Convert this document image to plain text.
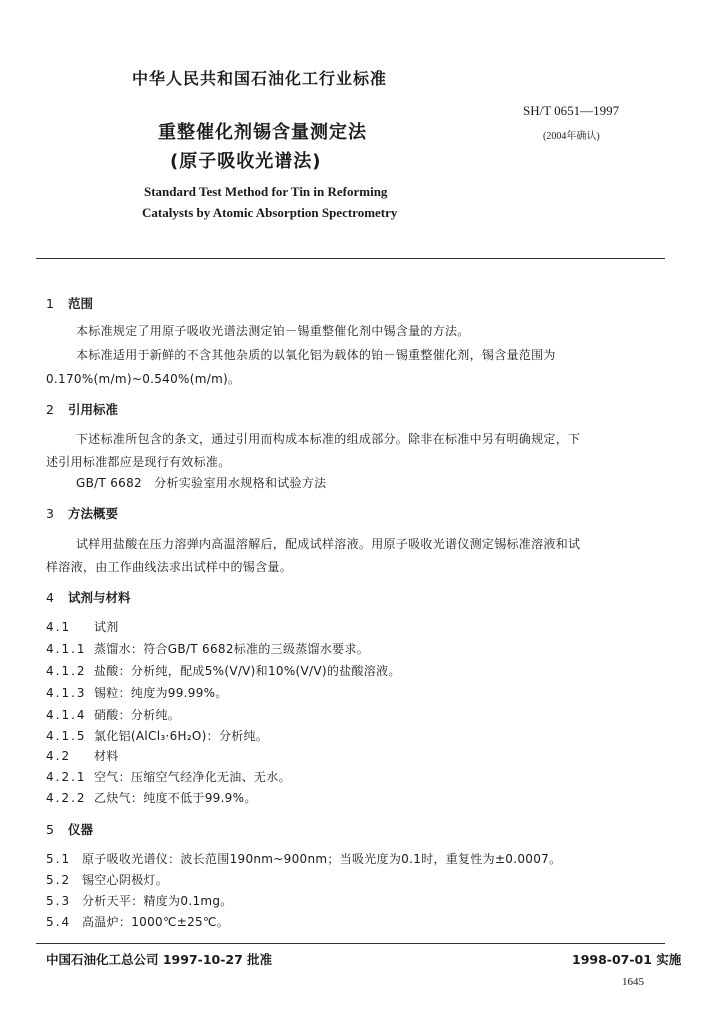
中华人民共和国石油化工行业标准
SH/T 0651—1997
(2004年确认)
重整催化剂锡含量测定法
(原子吸收光谱法)
Standard Test Method for Tin in Reforming
Catalysts by Atomic Absorption Spectrometry
1 范围
本标准规定了用原子吸收光谱法测定铂－锡重整催化剂中锡含量的方法。
本标准适用于新鲜的不含其他杂质的以氧化铝为载体的铂－锡重整催化剂，锡含量范围为
0.170%(m/m)~0.540%(m/m)。
2 引用标准
下述标准所包含的条文，通过引用而构成本标准的组成部分。除非在标准中另有明确规定，下
述引用标准都应是现行有效标准。
GB/T 6682　分析实验室用水规格和试验方法
3 方法概要
试样用盐酸在压力溶弹内高温溶解后，配成试样溶液。用原子吸收光谱仪测定锡标准溶液和试
样溶液，由工作曲线法求出试样中的锡含量。
4 试剂与材料
4.1 试剂
4.1.1 蒸馏水：符合GB/T 6682标准的三级蒸馏水要求。
4.1.2 盐酸：分析纯，配成5%(V/V)和10%(V/V)的盐酸溶液。
4.1.3 锡粒：纯度为99.99%。
4.1.4 硝酸：分析纯。
4.1.5 氯化铝(AlCl₃·6H₂O)：分析纯。
4.2 材料
4.2.1 空气：压缩空气经净化无油、无水。
4.2.2 乙炔气：纯度不低于99.9%。
5 仪器
5.1 原子吸收光谱仪：波长范围190nm~900nm；当吸光度为0.1时，重复性为±0.0007。
5.2 锡空心阴极灯。
5.3 分析天平：精度为0.1mg。
5.4 高温炉：1000℃±25℃。
中国石油化工总公司 1997-10-27 批准	1998-07-01 实施
1645
